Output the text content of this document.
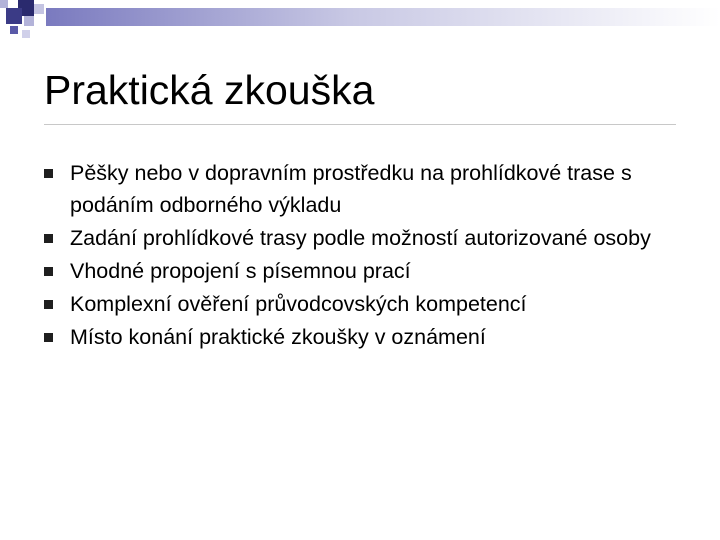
Praktická zkouška
Pěšky nebo v dopravním prostředku na prohlídkové trase s podáním odborného výkladu
Zadání prohlídkové trasy podle možností autorizované osoby
Vhodné propojení s písemnou prací
Komplexní ověření průvodcovských kompetencí
Místo konání praktické zkoušky v oznámení
